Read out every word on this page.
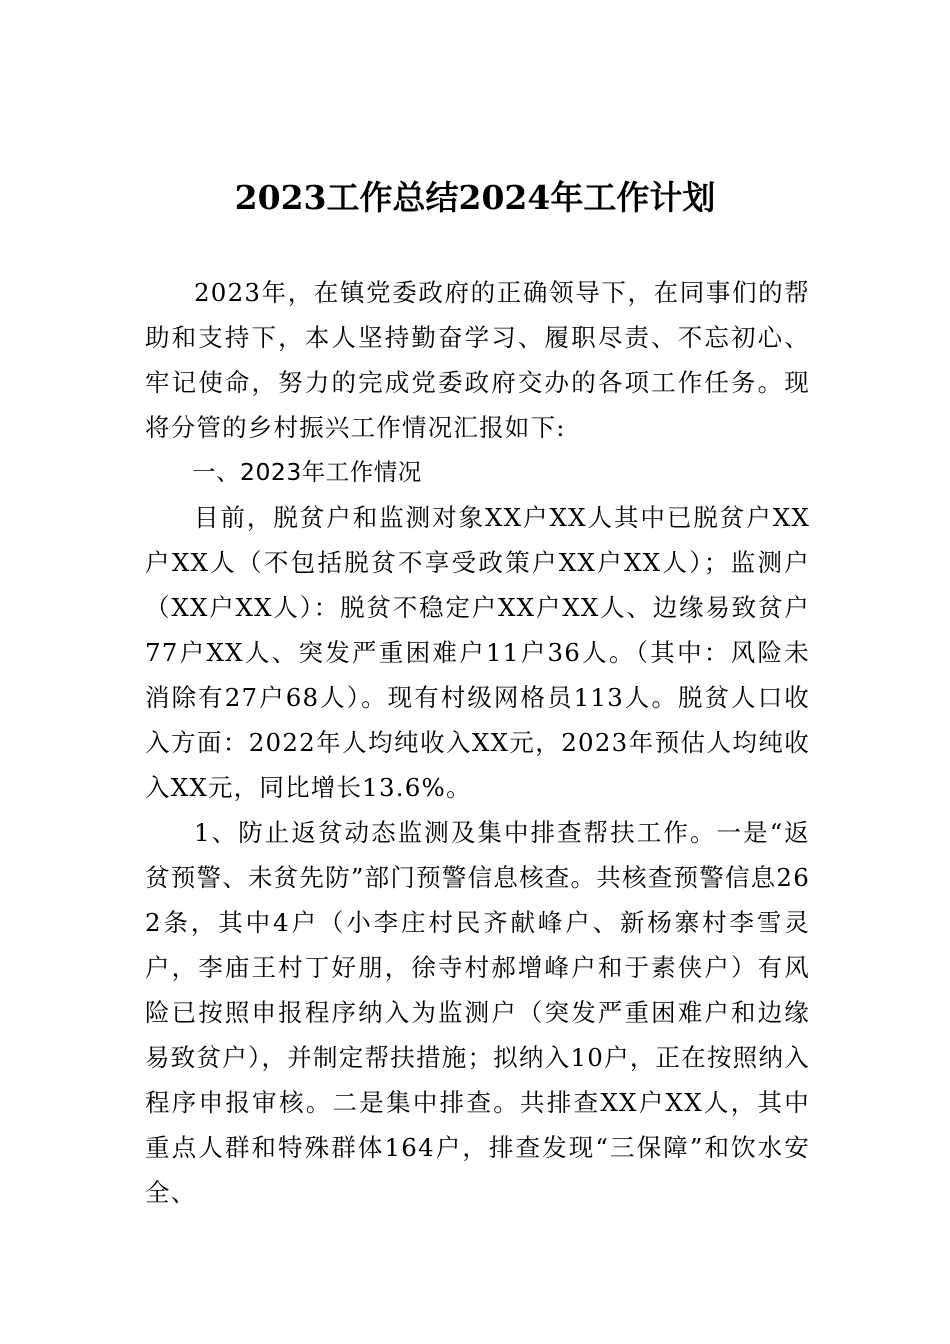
2023工作总结2024年工作计划

2023年，在镇党委政府的正确领导下，在同事们的帮助和支持下，本人坚持勤奋学习、履职尽责、不忘初心、牢记使命，努力的完成党委政府交办的各项工作任务。现将分管的乡村振兴工作情况汇报如下:

一、2023年工作情况

目前，脱贫户和监测对象XX户XX人其中已脱贫户XX户XX人（不包括脱贫不享受政策户XX户XX人）；监测户（XX户XX人）：脱贫不稳定户XX户XX人、边缘易致贫户77户XX人、突发严重困难户11户36人。（其中：风险未消除有27户68人）。现有村级网格员113人。脱贫人口收入方面：2022年人均纯收入XX元，2023年预估人均纯收入XX元，同比增长13.6%。

1、防止返贫动态监测及集中排查帮扶工作。一是“返贫预警、未贫先防”部门预警信息核查。共核查预警信息262条，其中4户（小李庄村民齐献峰户、新杨寨村李雪灵户，李庙王村丁好朋，徐寺村郝增峰户和于素侠户）有风险已按照申报程序纳入为监测户（突发严重困难户和边缘易致贫户），并制定帮扶措施；拟纳入10户，正在按照纳入程序申报审核。二是集中排查。共排查XX户XX人，其中重点人群和特殊群体164户，排查发现“三保障”和饮水安全、
